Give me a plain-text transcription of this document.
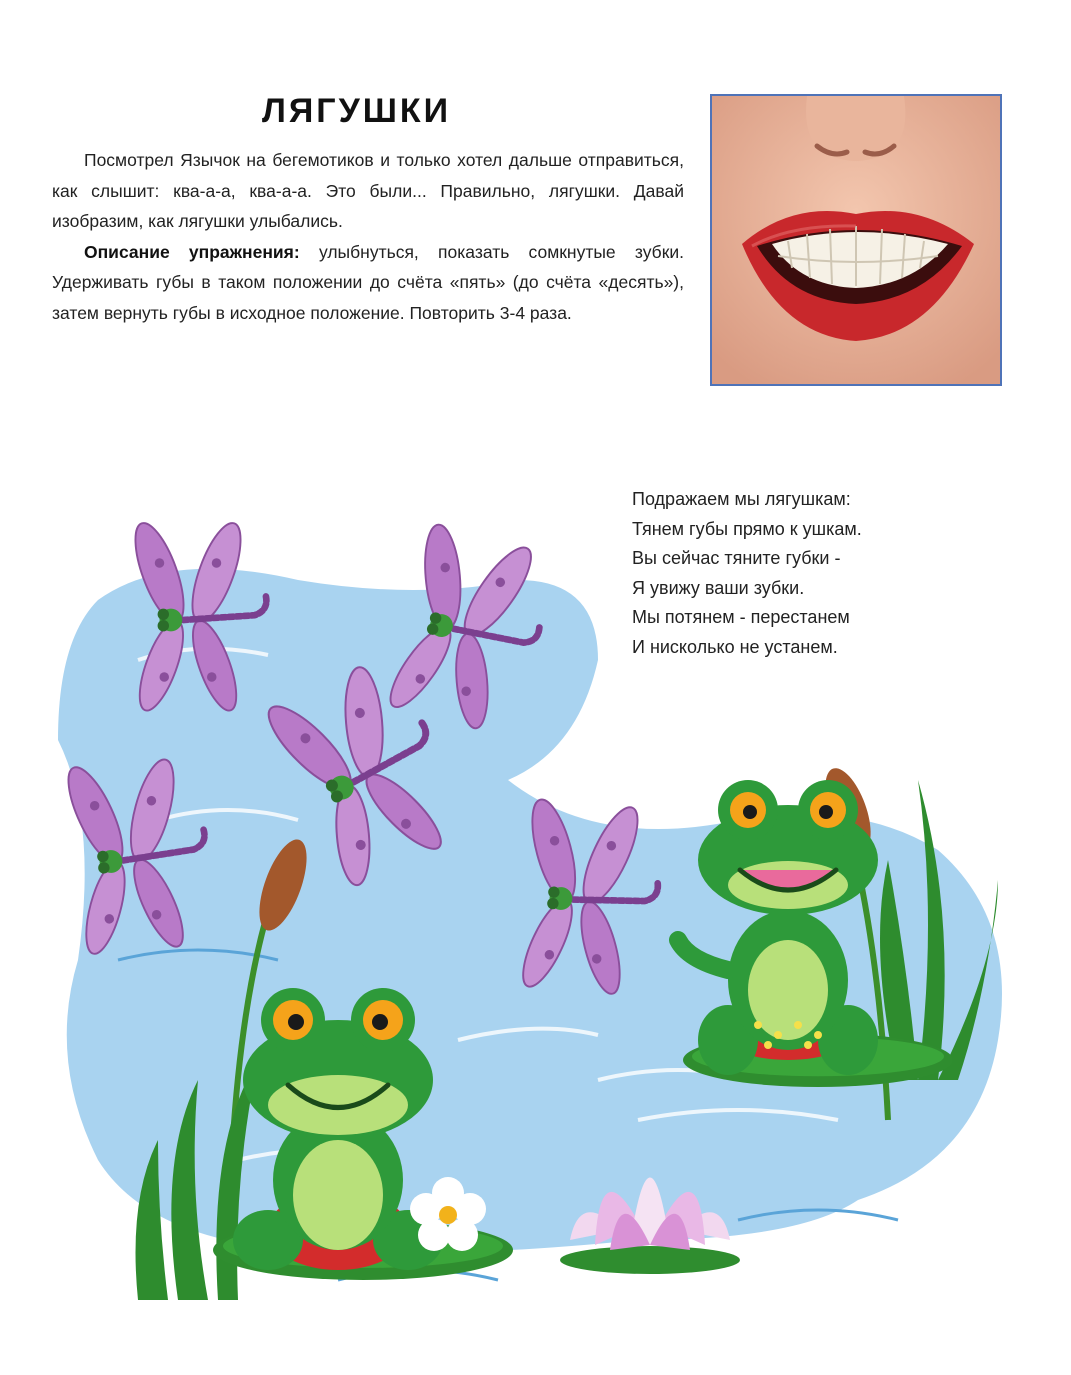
ЛЯГУШКИ

Посмотрел Язычок на бегемотиков и только хотел дальше отправиться, как слышит: ква-а-а, ква-а-а. Это были... Правильно, лягушки. Давай изобразим, как лягушки улыбались.

Описание упражнения: улыбнуться, показать сомкнутые зубки. Удерживать губы в таком положении до счёта «пять» (до счёта «десять»), затем вернуть губы в исходное положение. Повторить 3-4 раза.

Подражаем мы лягушкам:
Тянем губы прямо к ушкам.
Вы сейчас тяните губки -
Я увижу ваши зубки.
Мы потянем - перестанем
И нисколько не устанем.
